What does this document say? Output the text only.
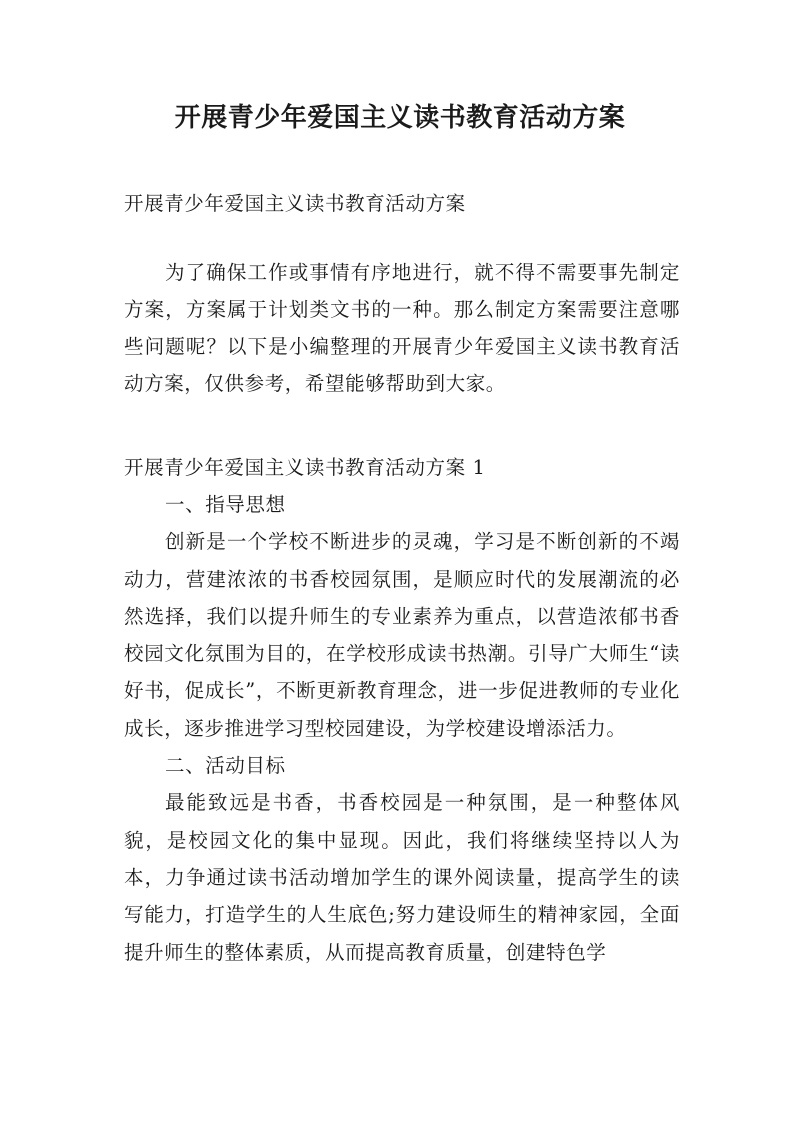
开展青少年爱国主义读书教育活动方案
开展青少年爱国主义读书教育活动方案

为了确保工作或事情有序地进行，就不得不需要事先制定方案，方案属于计划类文书的一种。那么制定方案需要注意哪些问题呢？以下是小编整理的开展青少年爱国主义读书教育活动方案，仅供参考，希望能够帮助到大家。

开展青少年爱国主义读书教育活动方案 1

一、指导思想

创新是一个学校不断进步的灵魂，学习是不断创新的不竭动力，营建浓浓的书香校园氛围，是顺应时代的发展潮流的必然选择，我们以提升师生的专业素养为重点，以营造浓郁书香校园文化氛围为目的，在学校形成读书热潮。引导广大师生“读好书，促成长”，不断更新教育理念，进一步促进教师的专业化成长，逐步推进学习型校园建设，为学校建设增添活力。

二、活动目标

最能致远是书香，书香校园是一种氛围，是一种整体风貌，是校园文化的集中显现。因此，我们将继续坚持以人为本，力争通过读书活动增加学生的课外阅读量，提高学生的读写能力，打造学生的人生底色;努力建设师生的精神家园，全面提升师生的整体素质，从而提高教育质量，创建特色学
